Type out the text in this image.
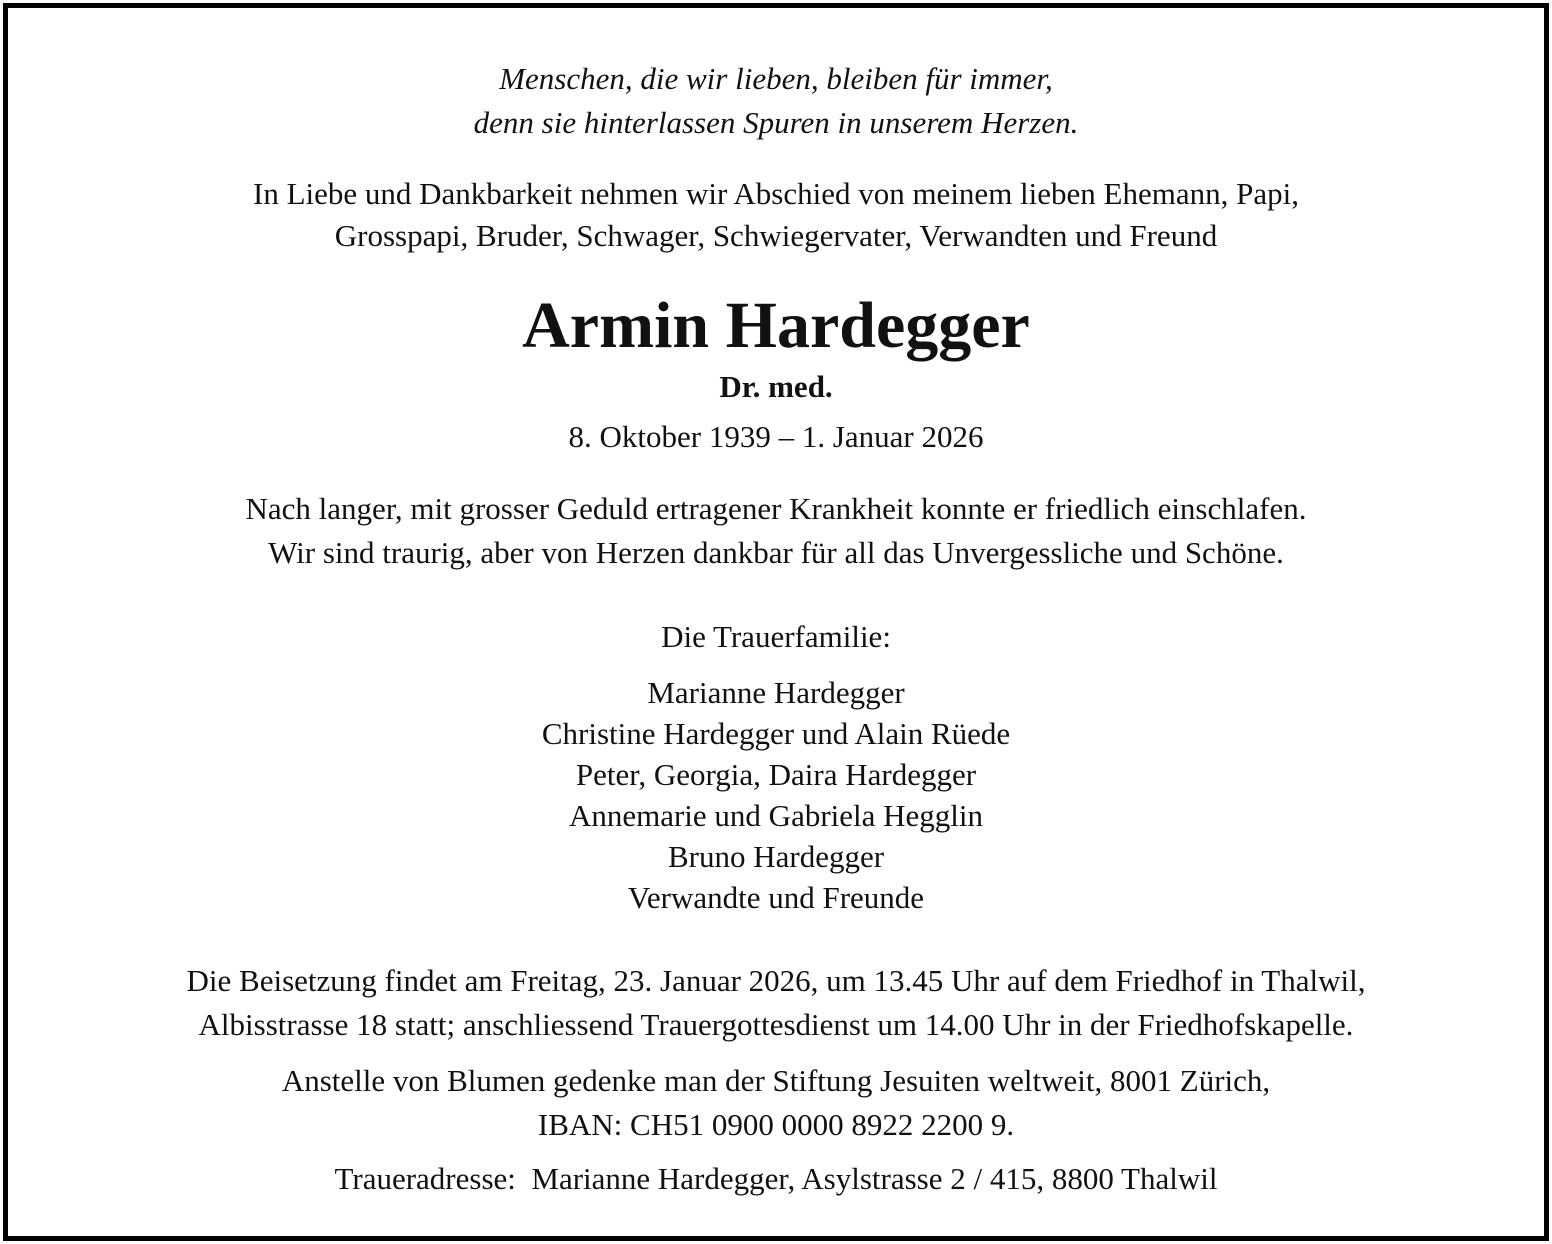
Menschen, die wir lieben, bleiben für immer,
denn sie hinterlassen Spuren in unserem Herzen.
In Liebe und Dankbarkeit nehmen wir Abschied von meinem lieben Ehemann, Papi,
Grosspapi, Bruder, Schwager, Schwiegervater, Verwandten und Freund
Armin Hardegger
Dr. med.
8. Oktober 1939 – 1. Januar 2026
Nach langer, mit grosser Geduld ertragener Krankheit konnte er friedlich einschlafen.
Wir sind traurig, aber von Herzen dankbar für all das Unvergessliche und Schöne.
Die Trauerfamilie:
Marianne Hardegger
Christine Hardegger und Alain Rüede
Peter, Georgia, Daira Hardegger
Annemarie und Gabriela Hegglin
Bruno Hardegger
Verwandte und Freunde
Die Beisetzung findet am Freitag, 23. Januar 2026, um 13.45 Uhr auf dem Friedhof in Thalwil,
Albisstrasse 18 statt; anschliessend Trauergottesdienst um 14.00 Uhr in der Friedhofskapelle.
Anstelle von Blumen gedenke man der Stiftung Jesuiten weltweit, 8001 Zürich,
IBAN: CH51 0900 0000 8922 2200 9.
Traueradresse:  Marianne Hardegger, Asylstrasse 2 / 415, 8800 Thalwil
